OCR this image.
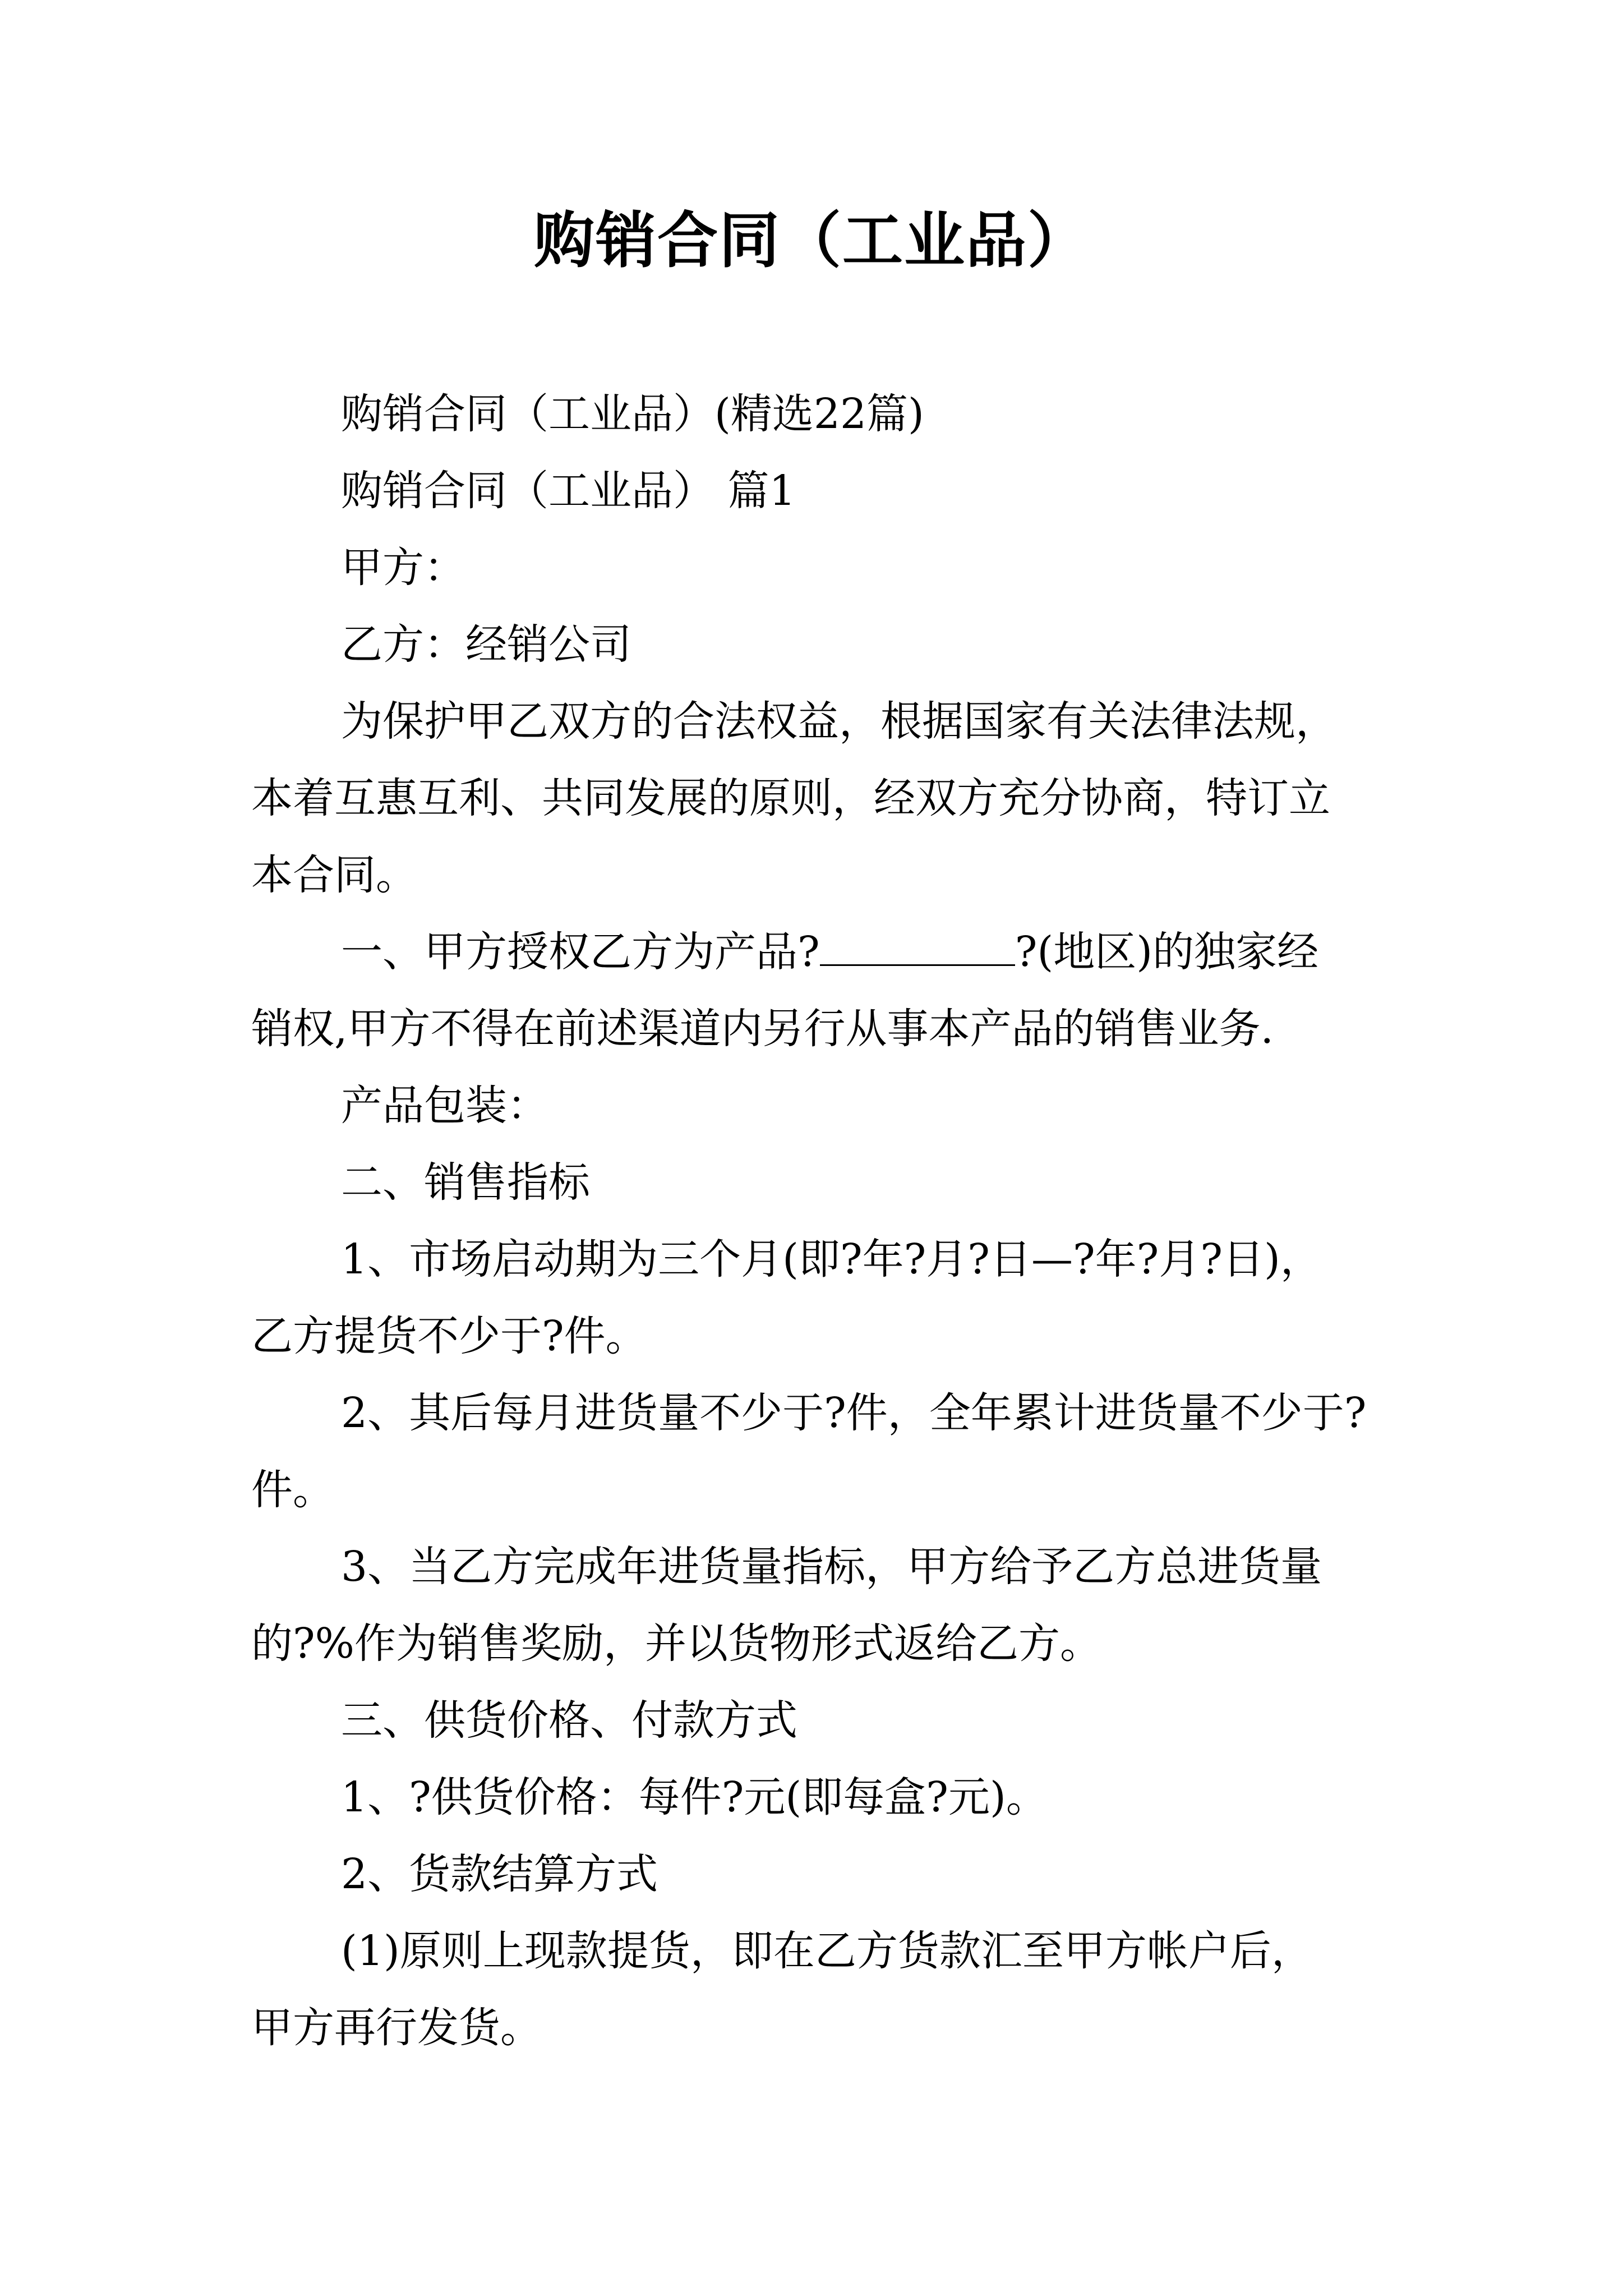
购销合同（工业品）

购销合同（工业品）(精选22篇)

购销合同（工业品） 篇1

甲方：

乙方：经销公司

为保护甲乙双方的合法权益，根据国家有关法律法规，

本着互惠互利、共同发展的原则，经双方充分协商，特订立

本合同。

一、甲方授权乙方为产品?	?(地区)的独家经

销权,甲方不得在前述渠道内另行从事本产品的销售业务.

产品包装：

二、销售指标

1、市场启动期为三个月(即?年?月?日—?年?月?日)，

乙方提货不少于?件。

2、其后每月进货量不少于?件，全年累计进货量不少于?

件。

3、当乙方完成年进货量指标，甲方给予乙方总进货量

的?%作为销售奖励，并以货物形式返给乙方。

三、供货价格、付款方式

1、?供货价格：每件?元(即每盒?元)。

2、货款结算方式

(1)原则上现款提货，即在乙方货款汇至甲方帐户后，

甲方再行发货。
